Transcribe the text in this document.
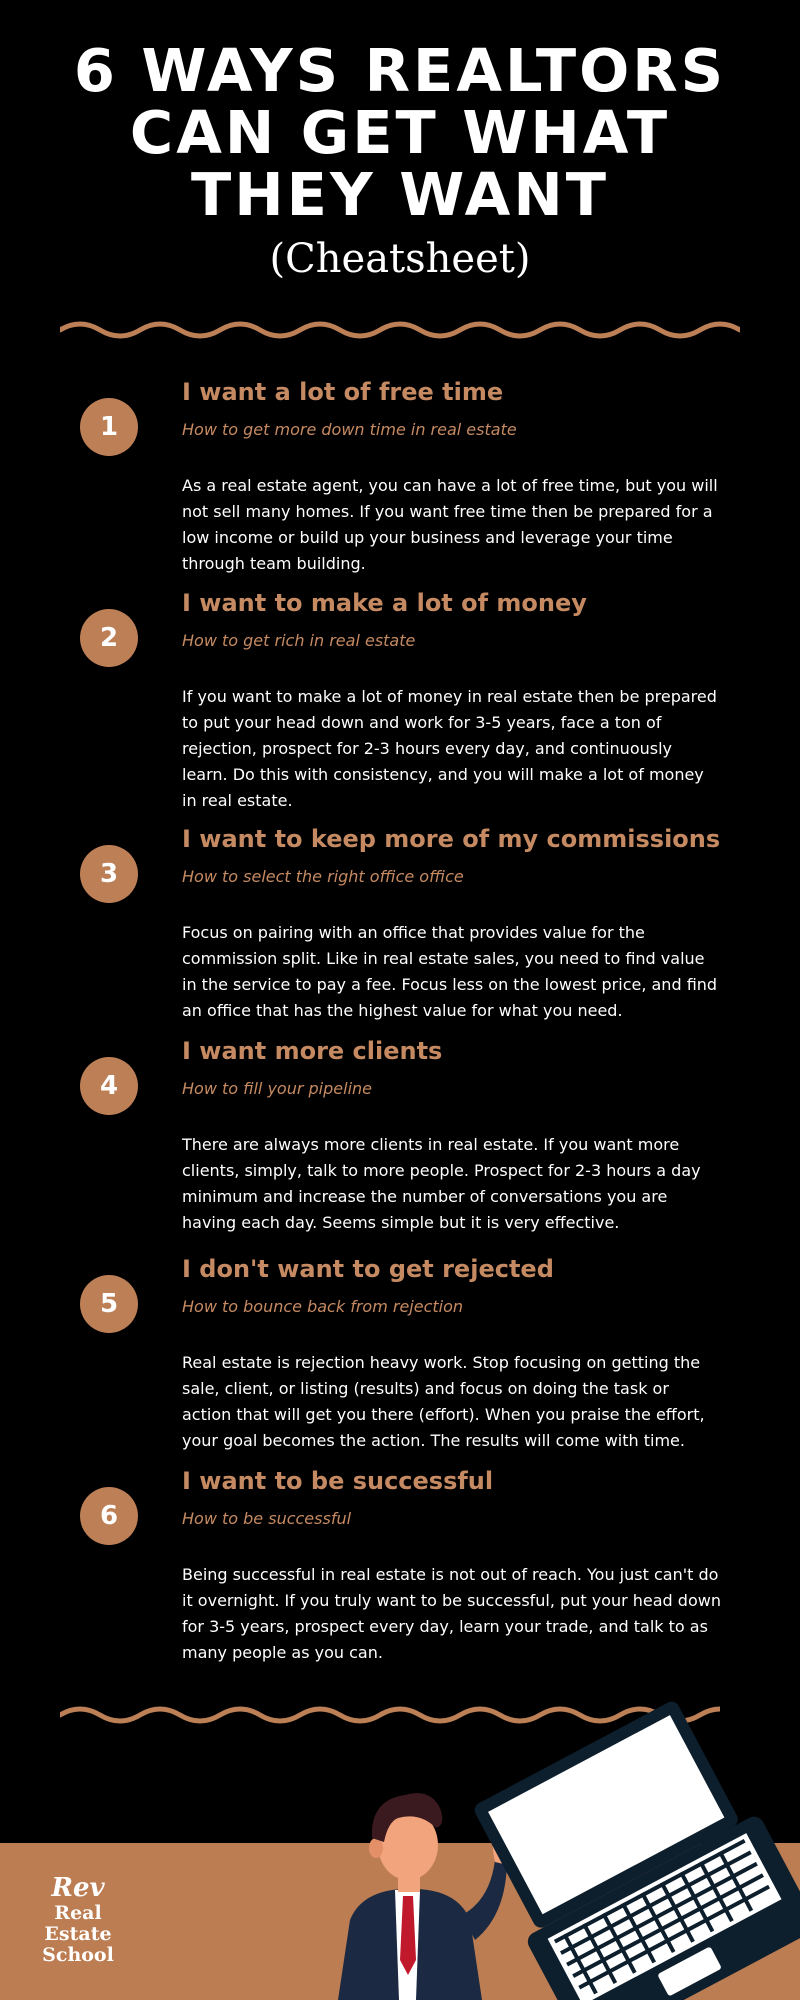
6 WAYS REALTORS CAN GET WHAT THEY WANT
(Cheatsheet)
1
I want a lot of free time
How to get more down time in real estate
As a real estate agent, you can have a lot of free time, but you will not sell many homes. If you want free time then be prepared for a low income or build up your business and leverage your time through team building.
2
I want to make a lot of money
How to get rich in real estate
If you want to make a lot of money in real estate then be prepared to put your head down and work for 3-5 years, face a ton of rejection, prospect for 2-3 hours every day, and continuously learn. Do this with consistency, and you will make a lot of money in real estate.
3
I want to keep more of my commissions
How to select the right office office
Focus on pairing with an office that provides value for the commission split. Like in real estate sales, you need to find value in the service to pay a fee. Focus less on the lowest price, and find an office that has the highest value for what you need.
4
I want more clients
How to fill your pipeline
There are always more clients in real estate. If you want more clients, simply, talk to more people. Prospect for 2-3 hours a day minimum and increase the number of conversations you are having each day. Seems simple but it is very effective.
5
I don't want to get rejected
How to bounce back from rejection
Real estate is rejection heavy work. Stop focusing on getting the sale, client, or listing (results) and focus on doing the task or action that will get you there (effort). When you praise the effort, your goal becomes the action. The results will come with time.
6
I want to be successful
How to be successful
Being successful in real estate is not out of reach. You just can't do it overnight. If you truly want to be successful, put your head down for 3-5 years, prospect every day, learn your trade, and talk to as many people as you can.
Rev
Real Estate
School
